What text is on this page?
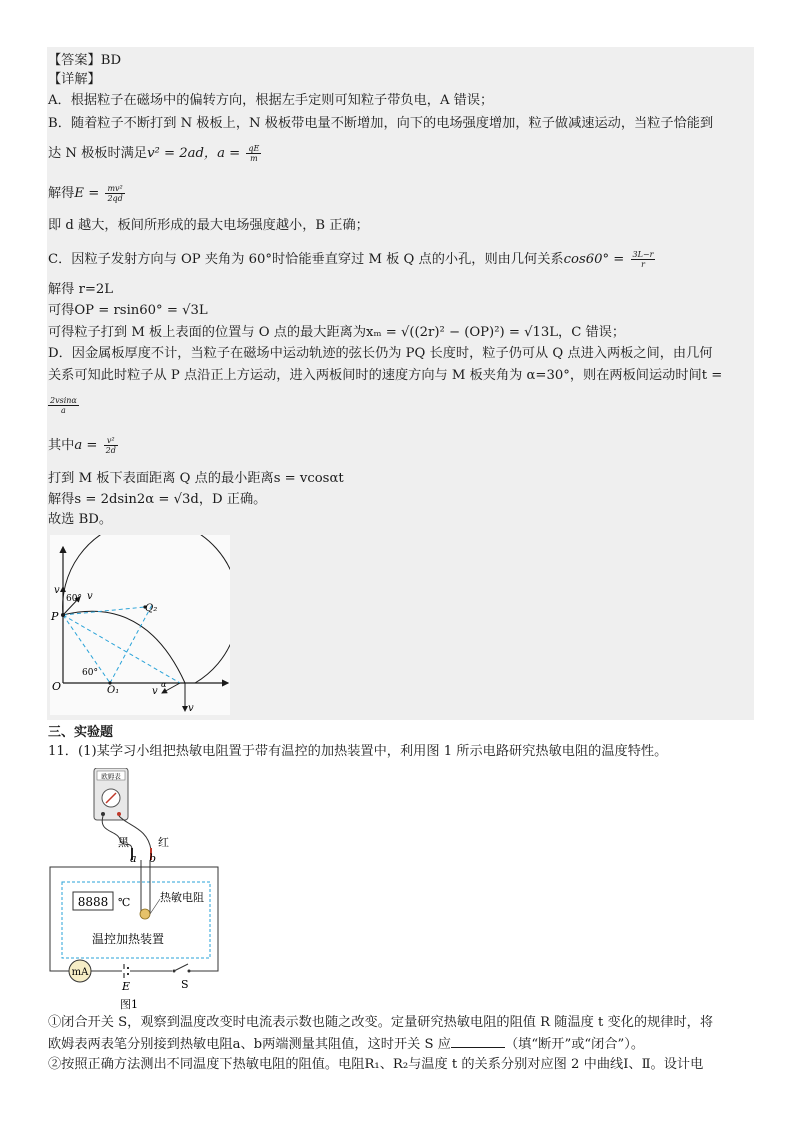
【答案】BD
【详解】
A．根据粒子在磁场中的偏转方向，根据左手定则可知粒子带负电，A 错误；
B．随着粒子不断打到 N 极板上，N 极板带电量不断增加，向下的电场强度增加，粒子做减速运动，当粒子恰能到
达 N 极板时满足v² = 2ad，$a = \frac{qE}{m}$
解得$E = \frac{\text{mv²}}{2qd}$
即 d 越大，板间所形成的最大电场强度越小，B 正确；
C．因粒子发射方向与 OP 夹角为 60°时恰能垂直穿过 M 板 Q 点的小孔，则由几何关系$\cos 60^\circ = \frac{3L-r}{r}$
解得 r=2L
可得OP = rsin60° = √3L
可得粒子打到 M 板上表面的位置与 O 点的最大距离为xₘ = √((2r)² − (OP)²) = √13L，C 错误；
D．因金属板厚度不计，当粒子在磁场中运动轨迹的弦长仍为 PQ 长度时，粒子仍可从 Q 点进入两板之间，由几何
关系可知此时粒子从 P 点沿正上方运动，进入两板间时的速度方向与 M 板夹角为 α=30°，则在两板间运动时间t =
$\frac{2vsin\alpha}{a}$
其中$a = \frac{\text{v²}}{2d}$
打到 M 板下表面距离 Q 点的最小距离s = vcosαt
解得s = 2dsin2α = √3d，D 正确。
故选 BD。
v
60° v
P
Q₂
60°
O	O₁	v
α
v
三、实验题
11．(1)某学习小组把热敏电阻置于带有温控的加热装置中，利用图 1 所示电路研究热敏电阻的温度特性。
欧姆表
黑	红
a b
8888 ℃	热敏电阻
温控加热装置
mA
E	S
图1
①闭合开关 S，观察到温度改变时电流表示数也随之改变。定量研究热敏电阻的阻值 R 随温度 t 变化的规律时，将
欧姆表两表笔分别接到热敏电阻a、b两端测量其阻值，这时开关 S 应	（填“断开”或“闭合”）。
②按照正确方法测出不同温度下热敏电阻的阻值。电阻R₁、R₂与温度 t 的关系分别对应图 2 中曲线Ⅰ、Ⅱ。设计电
